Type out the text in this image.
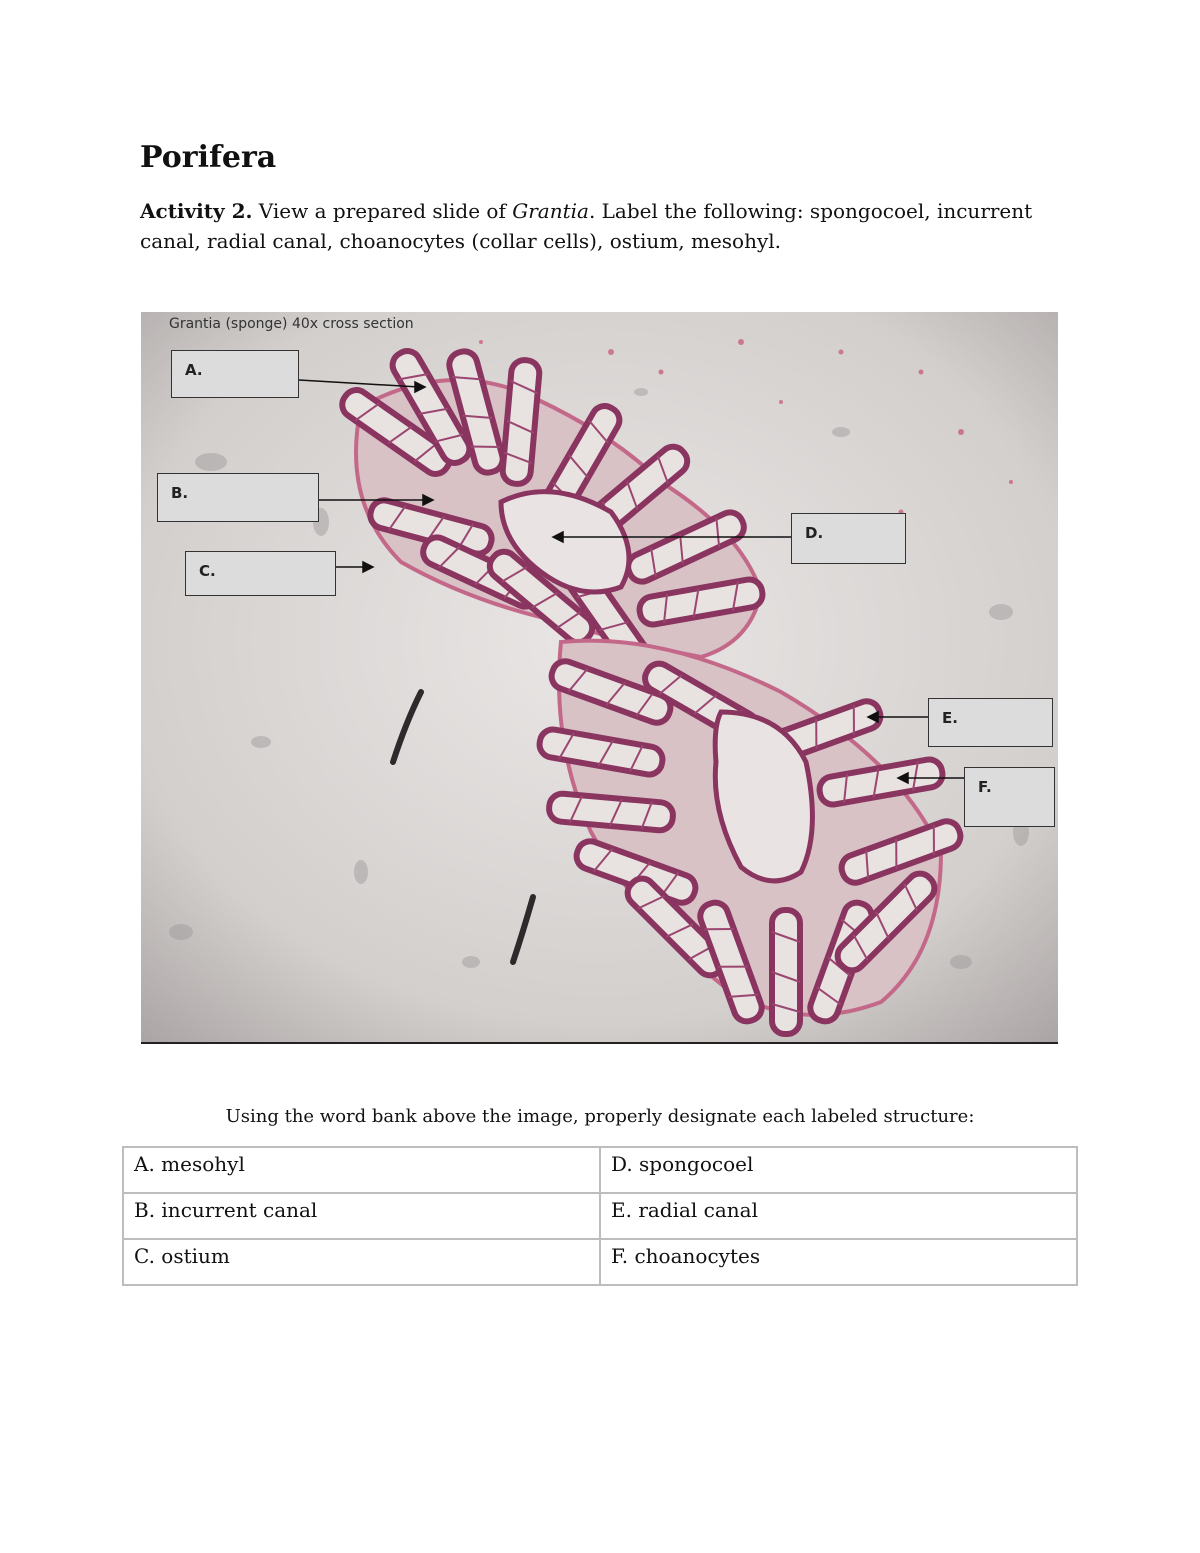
Porifera

Activity 2. View a prepared slide of Grantia. Label the following: spongocoel, incurrent canal, radial canal, choanocytes (collar cells), ostium, mesohyl.

Grantia (sponge) 40x cross section
A.
B.
C.
D.
E.
F.

Using the word bank above the image, properly designate each labeled structure:

A. mesohyl	D. spongocoel
B. incurrent canal	E. radial canal
C. ostium	F. choanocytes
